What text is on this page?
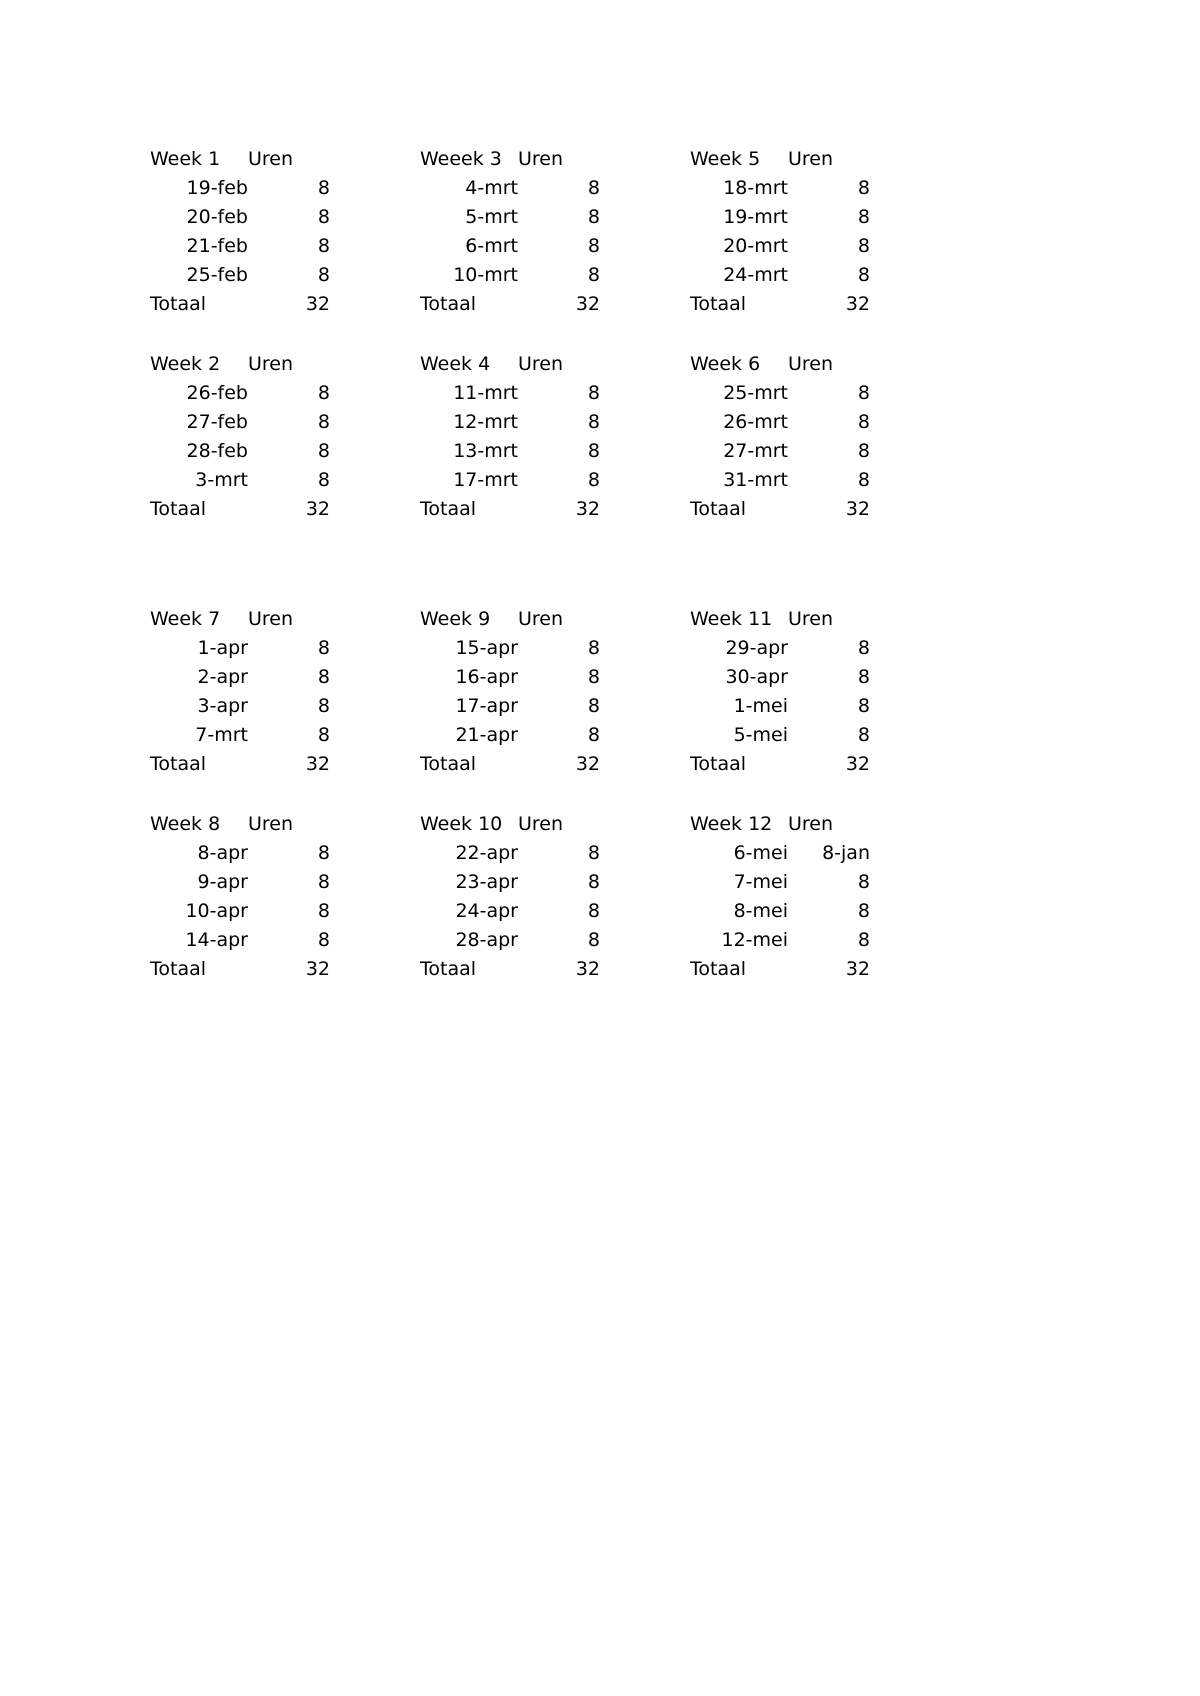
Week 1	Uren
19-feb	8
20-feb	8
21-feb	8
25-feb	8
Totaal	32
Weeek 3 Uren
4-mrt	8
5-mrt	8
6-mrt	8
10-mrt	8
Totaal	32
Week 5	Uren
18-mrt	8
19-mrt	8
20-mrt	8
24-mrt	8
Totaal	32
Week 2	Uren
26-feb	8
27-feb	8
28-feb	8
3-mrt	8
Totaal	32
Week 4	Uren
11-mrt	8
12-mrt	8
13-mrt	8
17-mrt	8
Totaal	32
Week 6	Uren
25-mrt	8
26-mrt	8
27-mrt	8
31-mrt	8
Totaal	32
Week 7	Uren
1-apr	8
2-apr	8
3-apr	8
7-mrt	8
Totaal	32
Week 9	Uren
15-apr	8
16-apr	8
17-apr	8
21-apr	8
Totaal	32
Week 11 Uren
29-apr	8
30-apr	8
1-mei	8
5-mei	8
Totaal	32
Week 8	Uren
8-apr	8
9-apr	8
10-apr	8
14-apr	8
Totaal	32
Week 10 Uren
22-apr	8
23-apr	8
24-apr	8
28-apr	8
Totaal	32
Week 12 Uren
6-mei	8-jan
7-mei	8
8-mei	8
12-mei	8
Totaal	32
